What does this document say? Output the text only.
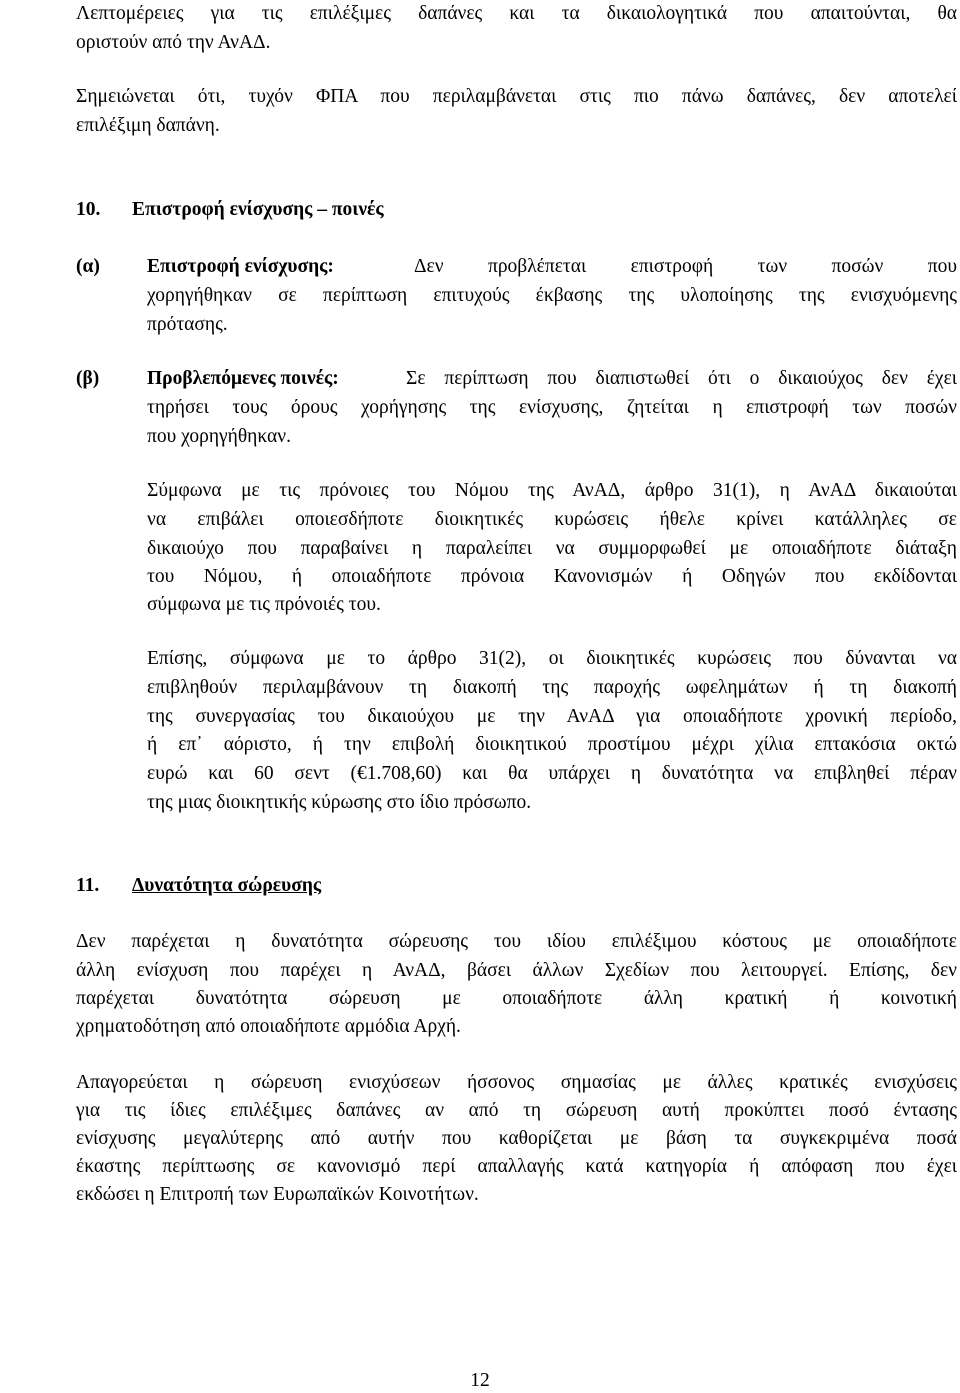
Λεπτομέρειες για τις επιλέξιμες δαπάνες και τα δικαιολογητικά που απαιτούνται, θα
οριστούν από την ΑνΑΔ.
Σημειώνεται ότι, τυχόν ΦΠΑ που περιλαμβάνεται στις πιο πάνω δαπάνες, δεν αποτελεί
επιλέξιμη δαπάνη.
10. Επιστροφή ενίσχυσης – ποινές
(α) Επιστροφή ενίσχυσης:	Δεν προβλέπεται επιστροφή των ποσών που
χορηγήθηκαν σε περίπτωση επιτυχούς έκβασης της υλοποίησης της ενισχυόμενης
πρότασης.
(β) Προβλεπόμενες ποινές:	Σε περίπτωση που διαπιστωθεί ότι ο δικαιούχος δεν έχει
τηρήσει τους όρους χορήγησης της ενίσχυσης, ζητείται η επιστροφή των ποσών
που χορηγήθηκαν.
Σύμφωνα με τις πρόνοιες του Νόμου της ΑνΑΔ, άρθρο 31(1), η ΑνΑΔ δικαιούται
να επιβάλει οποιεσδήποτε διοικητικές κυρώσεις ήθελε κρίνει κατάλληλες σε
δικαιούχο που παραβαίνει η παραλείπει να συμμορφωθεί με οποιαδήποτε διάταξη
του Νόμου, ή οποιαδήποτε πρόνοια Κανονισμών ή Οδηγών που εκδίδονται
σύμφωνα με τις πρόνοιές του.
Επίσης, σύμφωνα με το άρθρο 31(2), οι διοικητικές κυρώσεις που δύνανται να
επιβληθούν περιλαμβάνουν τη διακοπή της παροχής ωφελημάτων ή τη διακοπή
της συνεργασίας του δικαιούχου με την ΑνΑΔ για οποιαδήποτε χρονική περίοδο,
ή επ᾽ αόριστο, ή την επιβολή διοικητικού προστίμου μέχρι χίλια επτακόσια οκτώ
ευρώ και 60 σεντ (€1.708,60) και θα υπάρχει η δυνατότητα να επιβληθεί πέραν
της μιας διοικητικής κύρωσης στο ίδιο πρόσωπο.
11. Δυνατότητα σώρευσης
Δεν παρέχεται η δυνατότητα σώρευσης του ιδίου επιλέξιμου κόστους με οποιαδήποτε
άλλη ενίσχυση που παρέχει η ΑνΑΔ, βάσει άλλων Σχεδίων που λειτουργεί. Επίσης, δεν
παρέχεται δυνατότητα σώρευση με οποιαδήποτε άλλη κρατική ή κοινοτική
χρηματοδότηση από οποιαδήποτε αρμόδια Αρχή.
Απαγορεύεται η σώρευση ενισχύσεων ήσσονος σημασίας με άλλες κρατικές ενισχύσεις
για τις ίδιες επιλέξιμες δαπάνες αν από τη σώρευση αυτή προκύπτει ποσό έντασης
ενίσχυσης μεγαλύτερης από αυτήν που καθορίζεται με βάση τα συγκεκριμένα ποσά
έκαστης περίπτωσης σε κανονισμό περί απαλλαγής κατά κατηγορία ή απόφαση που έχει
εκδώσει η Επιτροπή των Ευρωπαϊκών Κοινοτήτων.
12
